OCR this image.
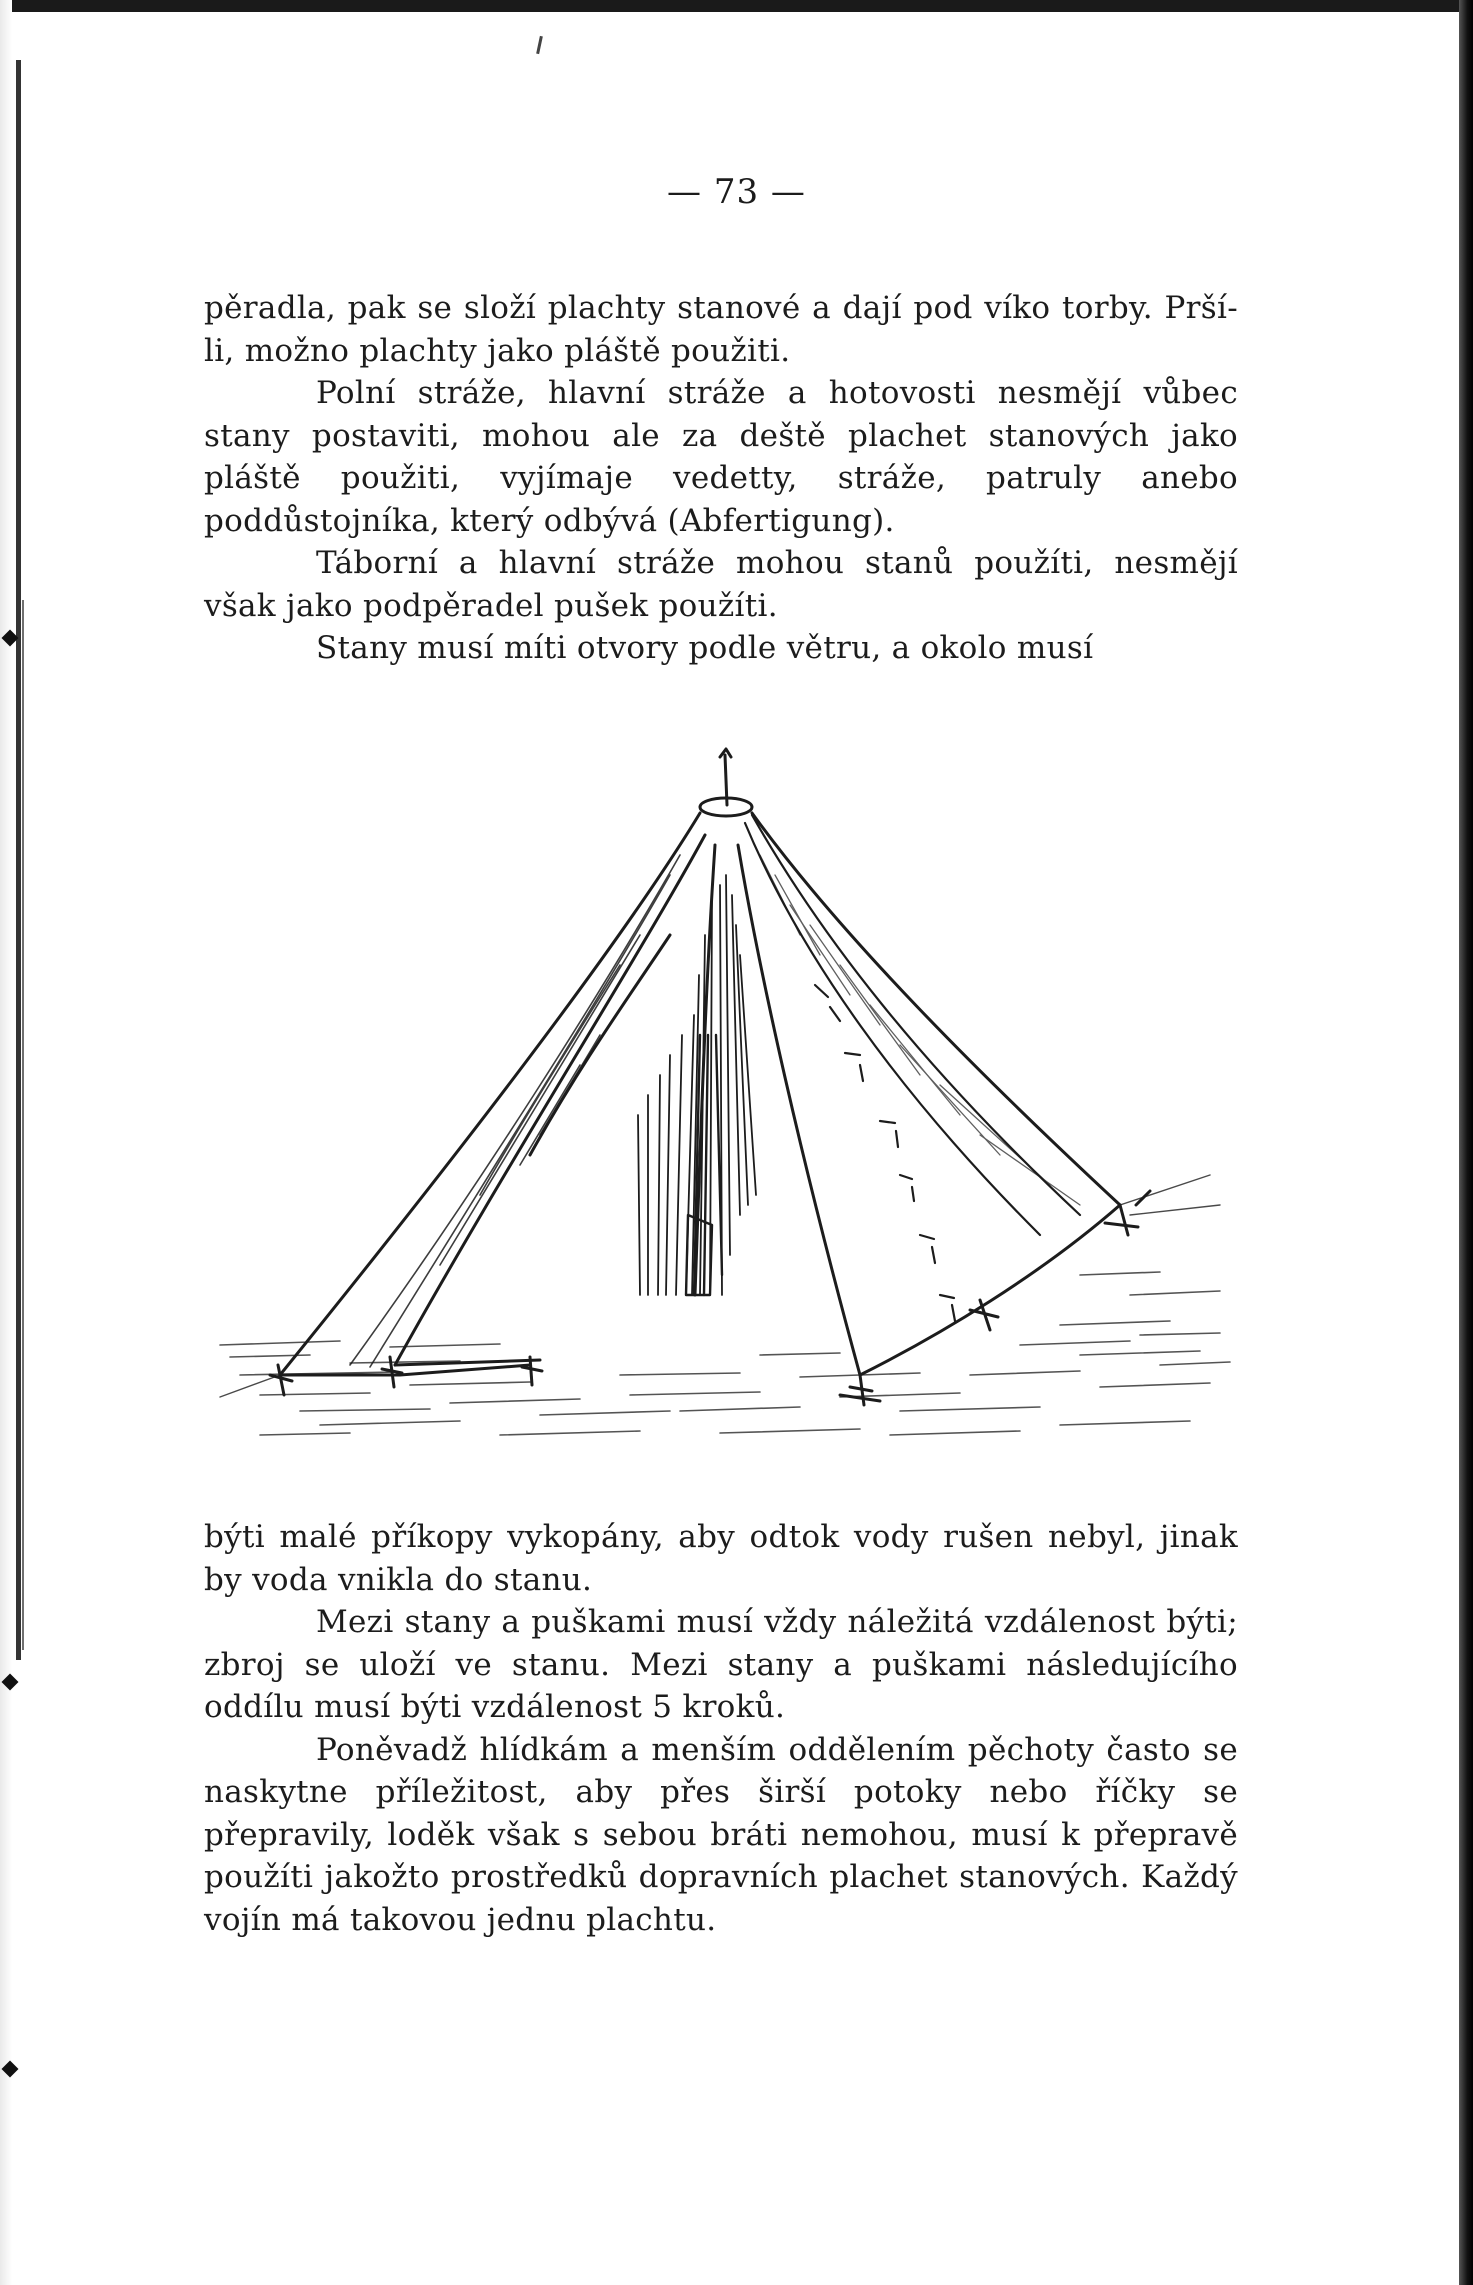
— 73 —

pěradla, pak se složí plachty stanové a dají pod víko torby. Prší-li, možno plachty jako pláště použiti.

Polní stráže, hlavní stráže a hotovosti nesmějí vůbec stany postaviti, mohou ale za deště plachet stanových jako pláště použiti, vyjímaje vedetty, stráže, patruly anebo poddůstojníka, který odbývá (Abfertigung).

Táborní a hlavní stráže mohou stanů použíti, nesmějí však jako podpěradel pušek použíti.

Stany musí míti otvory podle větru, a okolo musí

býti malé příkopy vykopány, aby odtok vody rušen nebyl, jinak by voda vnikla do stanu.

Mezi stany a puškami musí vždy náležitá vzdálenost býti; zbroj se uloží ve stanu. Mezi stany a puškami následujícího oddílu musí býti vzdálenost 5 kroků.

Poněvadž hlídkám a menším oddělením pěchoty často se naskytne příležitost, aby přes širší potoky nebo říčky se přepravily, loděk však s sebou bráti nemohou, musí k přepravě použíti jakožto prostředků dopravních plachet stanových. Každý vojín má takovou jednu plachtu.
